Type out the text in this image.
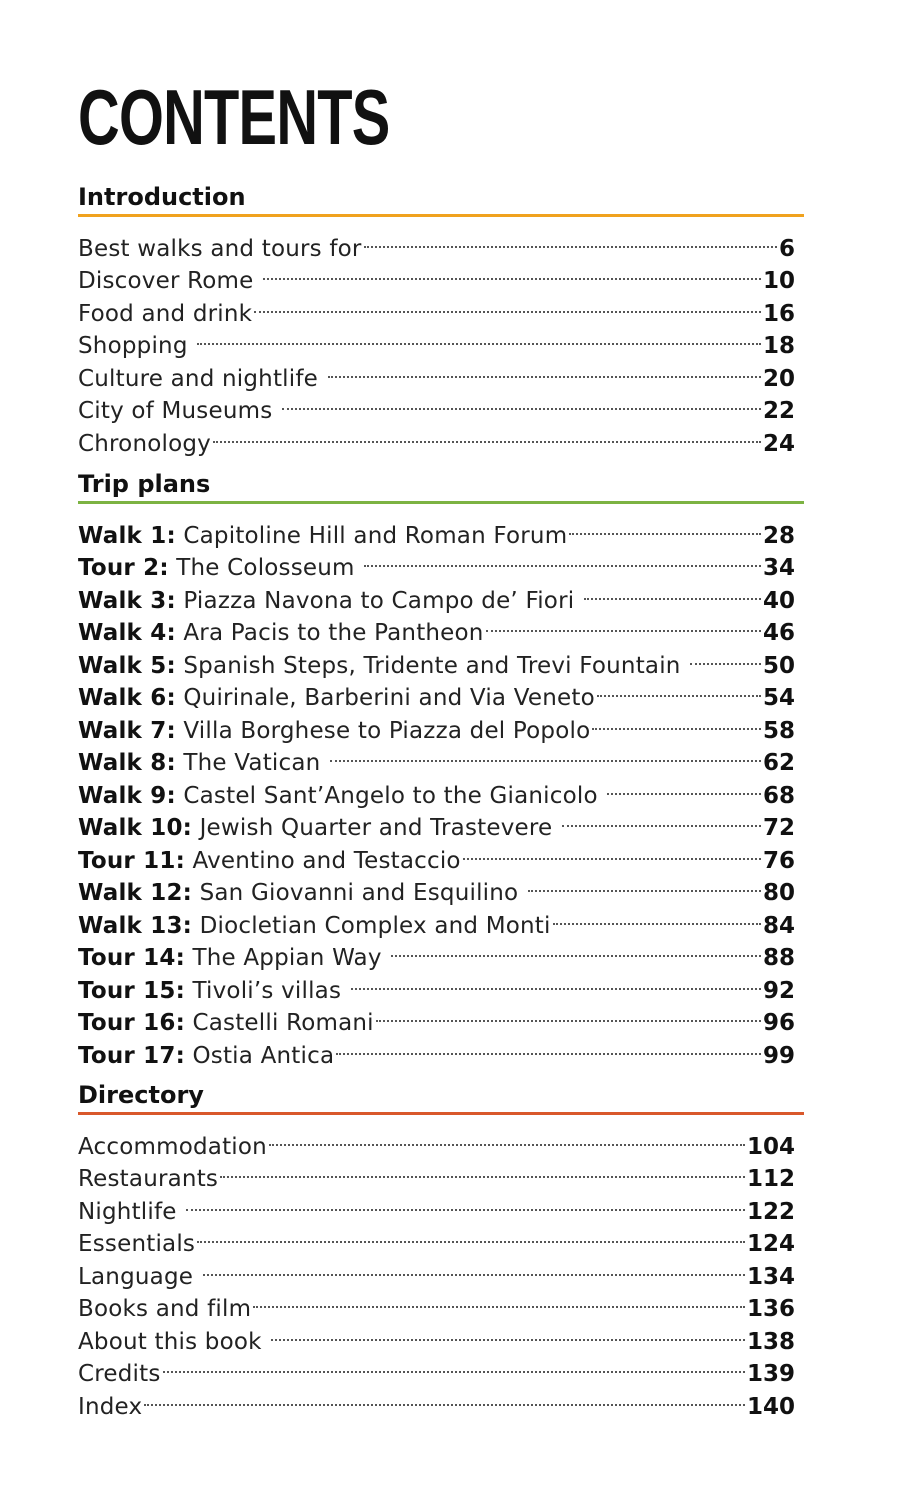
CONTENTS
Introduction
Best walks and tours for	6
Discover Rome	10
Food and drink	16
Shopping	18
Culture and nightlife	20
City of Museums	22
Chronology	24
Trip plans
Walk 1: Capitoline Hill and Roman Forum	28
Tour 2: The Colosseum	34
Walk 3: Piazza Navona to Campo de’ Fiori	40
Walk 4: Ara Pacis to the Pantheon	46
Walk 5: Spanish Steps, Tridente and Trevi Fountain	50
Walk 6: Quirinale, Barberini and Via Veneto	54
Walk 7: Villa Borghese to Piazza del Popolo	58
Walk 8: The Vatican	62
Walk 9: Castel Sant’Angelo to the Gianicolo	68
Walk 10: Jewish Quarter and Trastevere	72
Tour 11: Aventino and Testaccio	76
Walk 12: San Giovanni and Esquilino	80
Walk 13: Diocletian Complex and Monti	84
Tour 14: The Appian Way	88
Tour 15: Tivoli’s villas	92
Tour 16: Castelli Romani	96
Tour 17: Ostia Antica	99
Directory
Accommodation	104
Restaurants	112
Nightlife	122
Essentials	124
Language	134
Books and film	136
About this book	138
Credits	139
Index	140
